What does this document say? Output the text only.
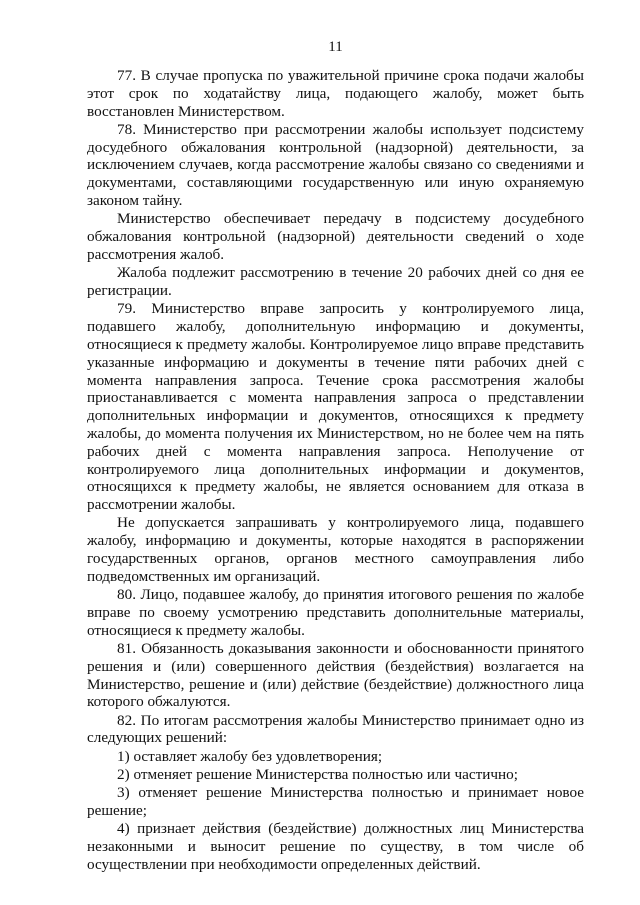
11

77. В случае пропуска по уважительной причине срока подачи жалобы этот срок по ходатайству лица, подающего жалобу, может быть восстановлен Министерством.

78. Министерство при рассмотрении жалобы использует подсистему досудебного обжалования контрольной (надзорной) деятельности, за исключением случаев, когда рассмотрение жалобы связано со сведениями и документами, составляющими государственную или иную охраняемую законом тайну.

Министерство обеспечивает передачу в подсистему досудебного обжалования контрольной (надзорной) деятельности сведений о ходе рассмотрения жалоб.

Жалоба подлежит рассмотрению в течение 20 рабочих дней со дня ее регистрации.

79. Министерство вправе запросить у контролируемого лица, подавшего жалобу, дополнительную информацию и документы, относящиеся к предмету жалобы. Контролируемое лицо вправе представить указанные информацию и документы в течение пяти рабочих дней с момента направления запроса. Течение срока рассмотрения жалобы приостанавливается с момента направления запроса о представлении дополнительных информации и документов, относящихся к предмету жалобы, до момента получения их Министерством, но не более чем на пять рабочих дней с момента направления запроса. Неполучение от контролируемого лица дополнительных информации и документов, относящихся к предмету жалобы, не является основанием для отказа в рассмотрении жалобы.

Не допускается запрашивать у контролируемого лица, подавшего жалобу, информацию и документы, которые находятся в распоряжении государственных органов, органов местного самоуправления либо подведомственных им организаций.

80. Лицо, подавшее жалобу, до принятия итогового решения по жалобе вправе по своему усмотрению представить дополнительные материалы, относящиеся к предмету жалобы.

81. Обязанность доказывания законности и обоснованности принятого решения и (или) совершенного действия (бездействия) возлагается на Министерство, решение и (или) действие (бездействие) должностного лица которого обжалуются.

82. По итогам рассмотрения жалобы Министерство принимает одно из следующих решений:

1) оставляет жалобу без удовлетворения;

2) отменяет решение Министерства полностью или частично;

3) отменяет решение Министерства полностью и принимает новое решение;

4) признает действия (бездействие) должностных лиц Министерства незаконными и выносит решение по существу, в том числе об осуществлении при необходимости определенных действий.
